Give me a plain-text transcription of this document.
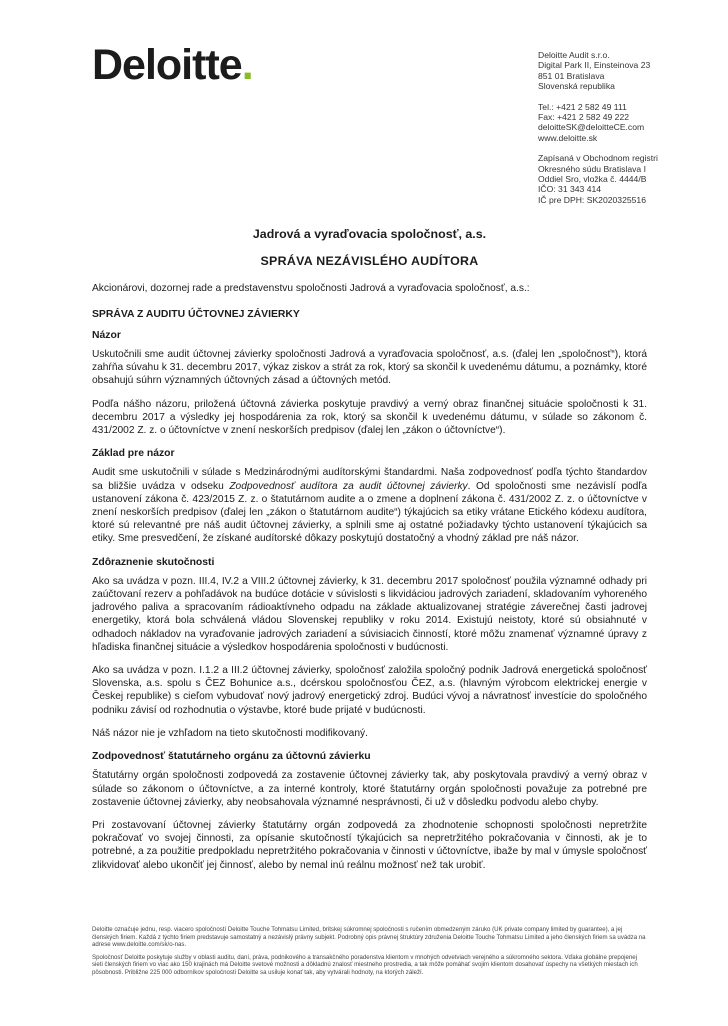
Deloitte.	Deloitte Audit s.r.o.
Digital Park II, Einsteinova 23
851 01 Bratislava
Slovenská republika
Tel.: +421 2 582 49 111
Fax: +421 2 582 49 222
deloitteSK@deloitteCE.com
www.deloitte.sk
Zapísaná v Obchodnom registri
Okresného súdu Bratislava I
Oddiel Sro, vložka č. 4444/B
IČO: 31 343 414
IČ pre DPH: SK2020325516
Jadrová a vyraďovacia spoločnosť, a.s.
SPRÁVA NEZÁVISLÉHO AUDÍTORA
Akcionárovi, dozornej rade a predstavenstvu spoločnosti Jadrová a vyraďovacia spoločnosť, a.s.:
SPRÁVA Z AUDITU ÚČTOVNEJ ZÁVIERKY
Názor

Uskutočnili sme audit účtovnej závierky spoločnosti Jadrová a vyraďovacia spoločnosť, a.s. (ďalej len „spoločnosť“), ktorá zahŕňa súvahu k 31. decembru 2017, výkaz ziskov a strát za rok, ktorý sa skončil k uvedenému dátumu, a poznámky, ktoré obsahujú súhrn významných účtovných zásad a účtovných metód.

Podľa nášho názoru, priložená účtovná závierka poskytuje pravdivý a verný obraz finančnej situácie spoločnosti k 31. decembru 2017 a výsledky jej hospodárenia za rok, ktorý sa skončil k uvedenému dátumu, v súlade so zákonom č. 431/2002 Z. z. o účtovníctve v znení neskorších predpisov (ďalej len „zákon o účtovníctve“).

Základ pre názor

Audit sme uskutočnili v súlade s Medzinárodnými audítorskými štandardmi. Naša zodpovednosť podľa týchto štandardov sa bližšie uvádza v odseku Zodpovednosť audítora za audit účtovnej závierky. Od spoločnosti sme nezávislí podľa ustanovení zákona č. 423/2015 Z. z. o štatutárnom audite a o zmene a doplnení zákona č. 431/2002 Z. z. o účtovníctve v znení neskorších predpisov (ďalej len „zákon o štatutárnom audite“) týkajúcich sa etiky vrátane Etického kódexu audítora, ktoré sú relevantné pre náš audit účtovnej závierky, a splnili sme aj ostatné požiadavky týchto ustanovení týkajúcich sa etiky. Sme presvedčení, že získané audítorské dôkazy poskytujú dostatočný a vhodný základ pre náš názor.

Zdôraznenie skutočnosti

Ako sa uvádza v pozn. III.4, IV.2 a VIII.2 účtovnej závierky, k 31. decembru 2017 spoločnosť použila významné odhady pri zaúčtovaní rezerv a pohľadávok na budúce dotácie v súvislosti s likvidáciou jadrových zariadení, skladovaním vyhoreného jadrového paliva a spracovaním rádioaktívneho odpadu na základe aktualizovanej stratégie záverečnej časti jadrovej energetiky, ktorá bola schválená vládou Slovenskej republiky v roku 2014. Existujú neistoty, ktoré sú obsiahnuté v odhadoch nákladov na vyraďovanie jadrových zariadení a súvisiacich činností, ktoré môžu znamenať významné úpravy z hľadiska finančnej situácie a výsledkov hospodárenia spoločnosti v budúcnosti.

Ako sa uvádza v pozn. I.1.2 a III.2 účtovnej závierky, spoločnosť založila spoločný podnik Jadrová energetická spoločnosť Slovenska, a.s. spolu s ČEZ Bohunice a.s., dcérskou spoločnosťou ČEZ, a.s. (hlavným výrobcom elektrickej energie v Českej republike) s cieľom vybudovať nový jadrový energetický zdroj. Budúci vývoj a návratnosť investície do spoločného podniku závisí od rozhodnutia o výstavbe, ktoré bude prijaté v budúcnosti.

Náš názor nie je vzhľadom na tieto skutočnosti modifikovaný.

Zodpovednosť štatutárneho orgánu za účtovnú závierku

Štatutárny orgán spoločnosti zodpovedá za zostavenie účtovnej závierky tak, aby poskytovala pravdivý a verný obraz v súlade so zákonom o účtovníctve, a za interné kontroly, ktoré štatutárny orgán spoločnosti považuje za potrebné pre zostavenie účtovnej závierky, aby neobsahovala významné nesprávnosti, či už v dôsledku podvodu alebo chyby.

Pri zostavovaní účtovnej závierky štatutárny orgán zodpovedá za zhodnotenie schopnosti spoločnosti nepretržite pokračovať vo svojej činnosti, za opísanie skutočností týkajúcich sa nepretržitého pokračovania v činnosti, ak je to potrebné, a za použitie predpokladu nepretržitého pokračovania v činnosti v účtovníctve, ibaže by mal v úmysle spoločnosť zlikvidovať alebo ukončiť jej činnosť, alebo by nemal inú reálnu možnosť než tak urobiť.

Deloitte označuje jednu, resp. viacero spoločností Deloitte Touche Tohmatsu Limited, britskej súkromnej spoločnosti s ručením obmedzeným záruko (UK private company limited by guarantee), a jej členských firiem. Každá z týchto firiem predstavuje samostatný a nezávislý právny subjekt. Podrobný opis právnej štruktúry združenia Deloitte Touche Tohmatsu Limited a jeho členských firiem sa uvádza na adrese www.deloitte.com/sk/o-nas.
Spoločnosť Deloitte poskytuje služby v oblasti auditu, daní, práva, podnikového a transakčného poradenstva klientom v mnohých odvetviach verejného a súkromného sektora. Vďaka globálne prepojenej sieti členských firiem vo viac ako 150 krajinách má Deloitte svetové možnosti a dôkladnú znalosť miestneho prostredia, a tak môže pomáhať svojim klientom dosahovať úspechy na všetkých miestach ich pôsobnosti. Približne 225 000 odborníkov spoločnosti Deloitte sa usiluje konať tak, aby vytvárali hodnoty, na ktorých záleží.
